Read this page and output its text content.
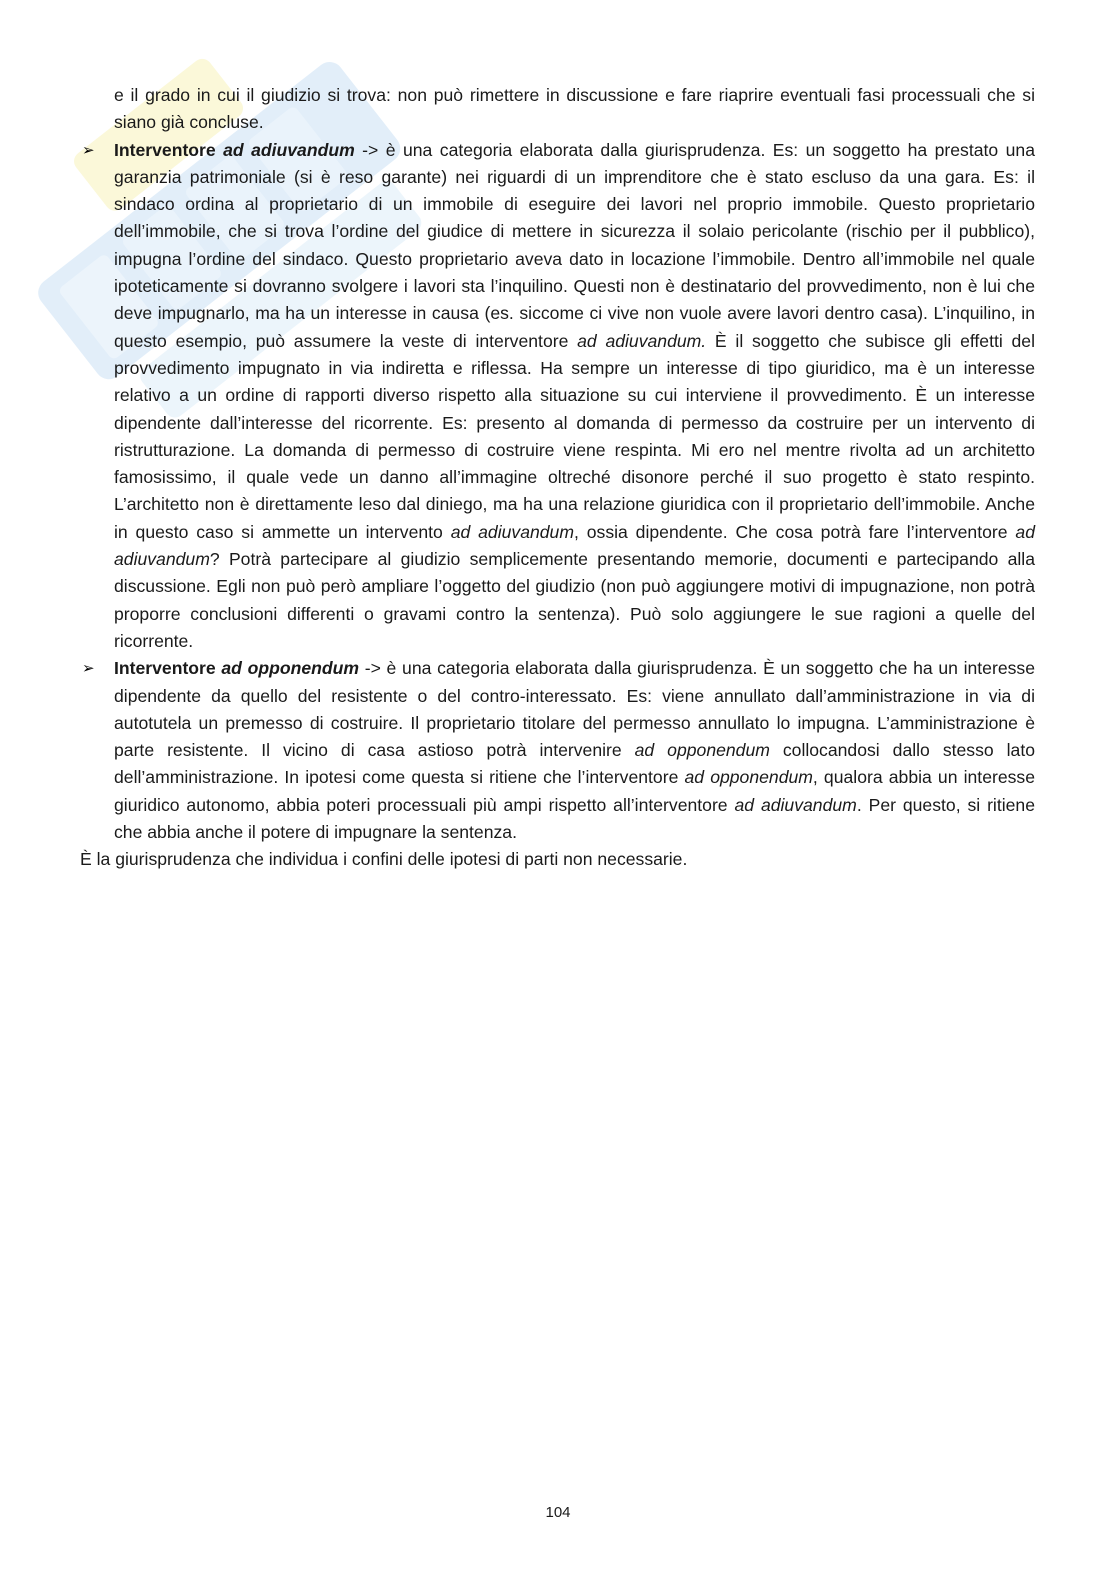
e il grado in cui il giudizio si trova: non può rimettere in discussione e fare riaprire eventuali fasi processuali che si siano già concluse.

➢ Interventore ad adiuvandum -> è una categoria elaborata dalla giurisprudenza. Es: un soggetto ha prestato una garanzia patrimoniale (si è reso garante) nei riguardi di un imprenditore che è stato escluso da una gara. Es: il sindaco ordina al proprietario di un immobile di eseguire dei lavori nel proprio immobile. Questo proprietario dell’immobile, che si trova l’ordine del giudice di mettere in sicurezza il solaio pericolante (rischio per il pubblico), impugna l’ordine del sindaco. Questo proprietario aveva dato in locazione l’immobile. Dentro all’immobile nel quale ipoteticamente si dovranno svolgere i lavori sta l’inquilino. Questi non è destinatario del provvedimento, non è lui che deve impugnarlo, ma ha un interesse in causa (es. siccome ci vive non vuole avere lavori dentro casa). L’inquilino, in questo esempio, può assumere la veste di interventore ad adiuvandum. È il soggetto che subisce gli effetti del provvedimento impugnato in via indiretta e riflessa. Ha sempre un interesse di tipo giuridico, ma è un interesse relativo a un ordine di rapporti diverso rispetto alla situazione su cui interviene il provvedimento. È un interesse dipendente dall’interesse del ricorrente. Es: presento al domanda di permesso da costruire per un intervento di ristrutturazione. La domanda di permesso di costruire viene respinta. Mi ero nel mentre rivolta ad un architetto famosissimo, il quale vede un danno all’immagine oltreché disonore perché il suo progetto è stato respinto. L’architetto non è direttamente leso dal diniego, ma ha una relazione giuridica con il proprietario dell’immobile. Anche in questo caso si ammette un intervento ad adiuvandum, ossia dipendente. Che cosa potrà fare l’interventore ad adiuvandum? Potrà partecipare al giudizio semplicemente presentando memorie, documenti e partecipando alla discussione. Egli non può però ampliare l’oggetto del giudizio (non può aggiungere motivi di impugnazione, non potrà proporre conclusioni differenti o gravami contro la sentenza). Può solo aggiungere le sue ragioni a quelle del ricorrente.
➢ Interventore ad opponendum -> è una categoria elaborata dalla giurisprudenza. È un soggetto che ha un interesse dipendente da quello del resistente o del contro-interessato. Es: viene annullato dall’amministrazione in via di autotutela un premesso di costruire. Il proprietario titolare del permesso annullato lo impugna. L’amministrazione è parte resistente. Il vicino di casa astioso potrà intervenire ad opponendum collocandosi dallo stesso lato dell’amministrazione. In ipotesi come questa si ritiene che l’interventore ad opponendum, qualora abbia un interesse giuridico autonomo, abbia poteri processuali più ampi rispetto all’interventore ad adiuvandum. Per questo, si ritiene che abbia anche il potere di impugnare la sentenza.

È la giurisprudenza che individua i confini delle ipotesi di parti non necessarie.

104
